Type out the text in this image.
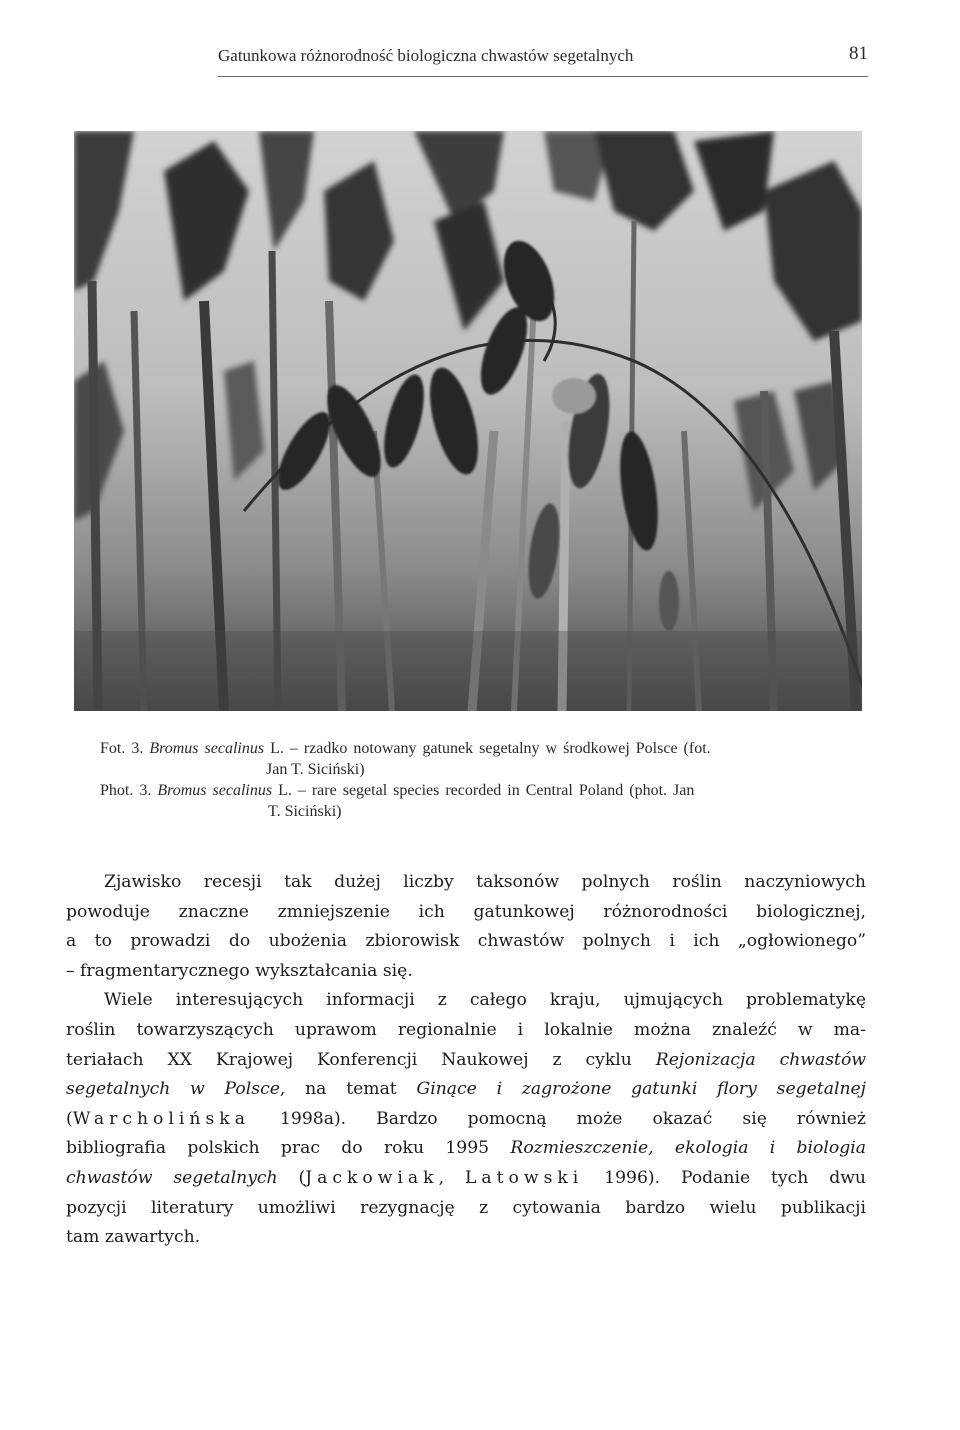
Gatunkowa różnorodność biologiczna chwastów segetalnych	81
Fot. 3. Bromus secalinus L. – rzadko notowany gatunek segetalny w środkowej Polsce (fot.
Jan T. Siciński)
Phot. 3. Bromus secalinus L. – rare segetal species recorded in Central Poland (phot. Jan
T. Siciński)

Zjawisko recesji tak dużej liczby taksonów polnych roślin naczyniowych
powoduje znaczne zmniejszenie ich gatunkowej różnorodności biologicznej,
a to prowadzi do ubożenia zbiorowisk chwastów polnych i ich „ogłowionego”
– fragmentarycznego wykształcania się.

Wiele interesujących informacji z całego kraju, ujmujących problematykę
roślin towarzyszących uprawom regionalnie i lokalnie można znaleźć w ma-
teriałach XX Krajowej Konferencji Naukowej z cyklu Rejonizacja chwastów
segetalnych w Polsce, na temat Ginące i zagrożone gatunki flory segetalnej
(Warcholińska 1998a). Bardzo pomocną może okazać się również
bibliografia polskich prac do roku 1995 Rozmieszczenie, ekologia i biologia
chwastów segetalnych (Jackowiak, Latowski 1996). Podanie tych dwu
pozycji literatury umożliwi rezygnację z cytowania bardzo wielu publikacji
tam zawartych.
